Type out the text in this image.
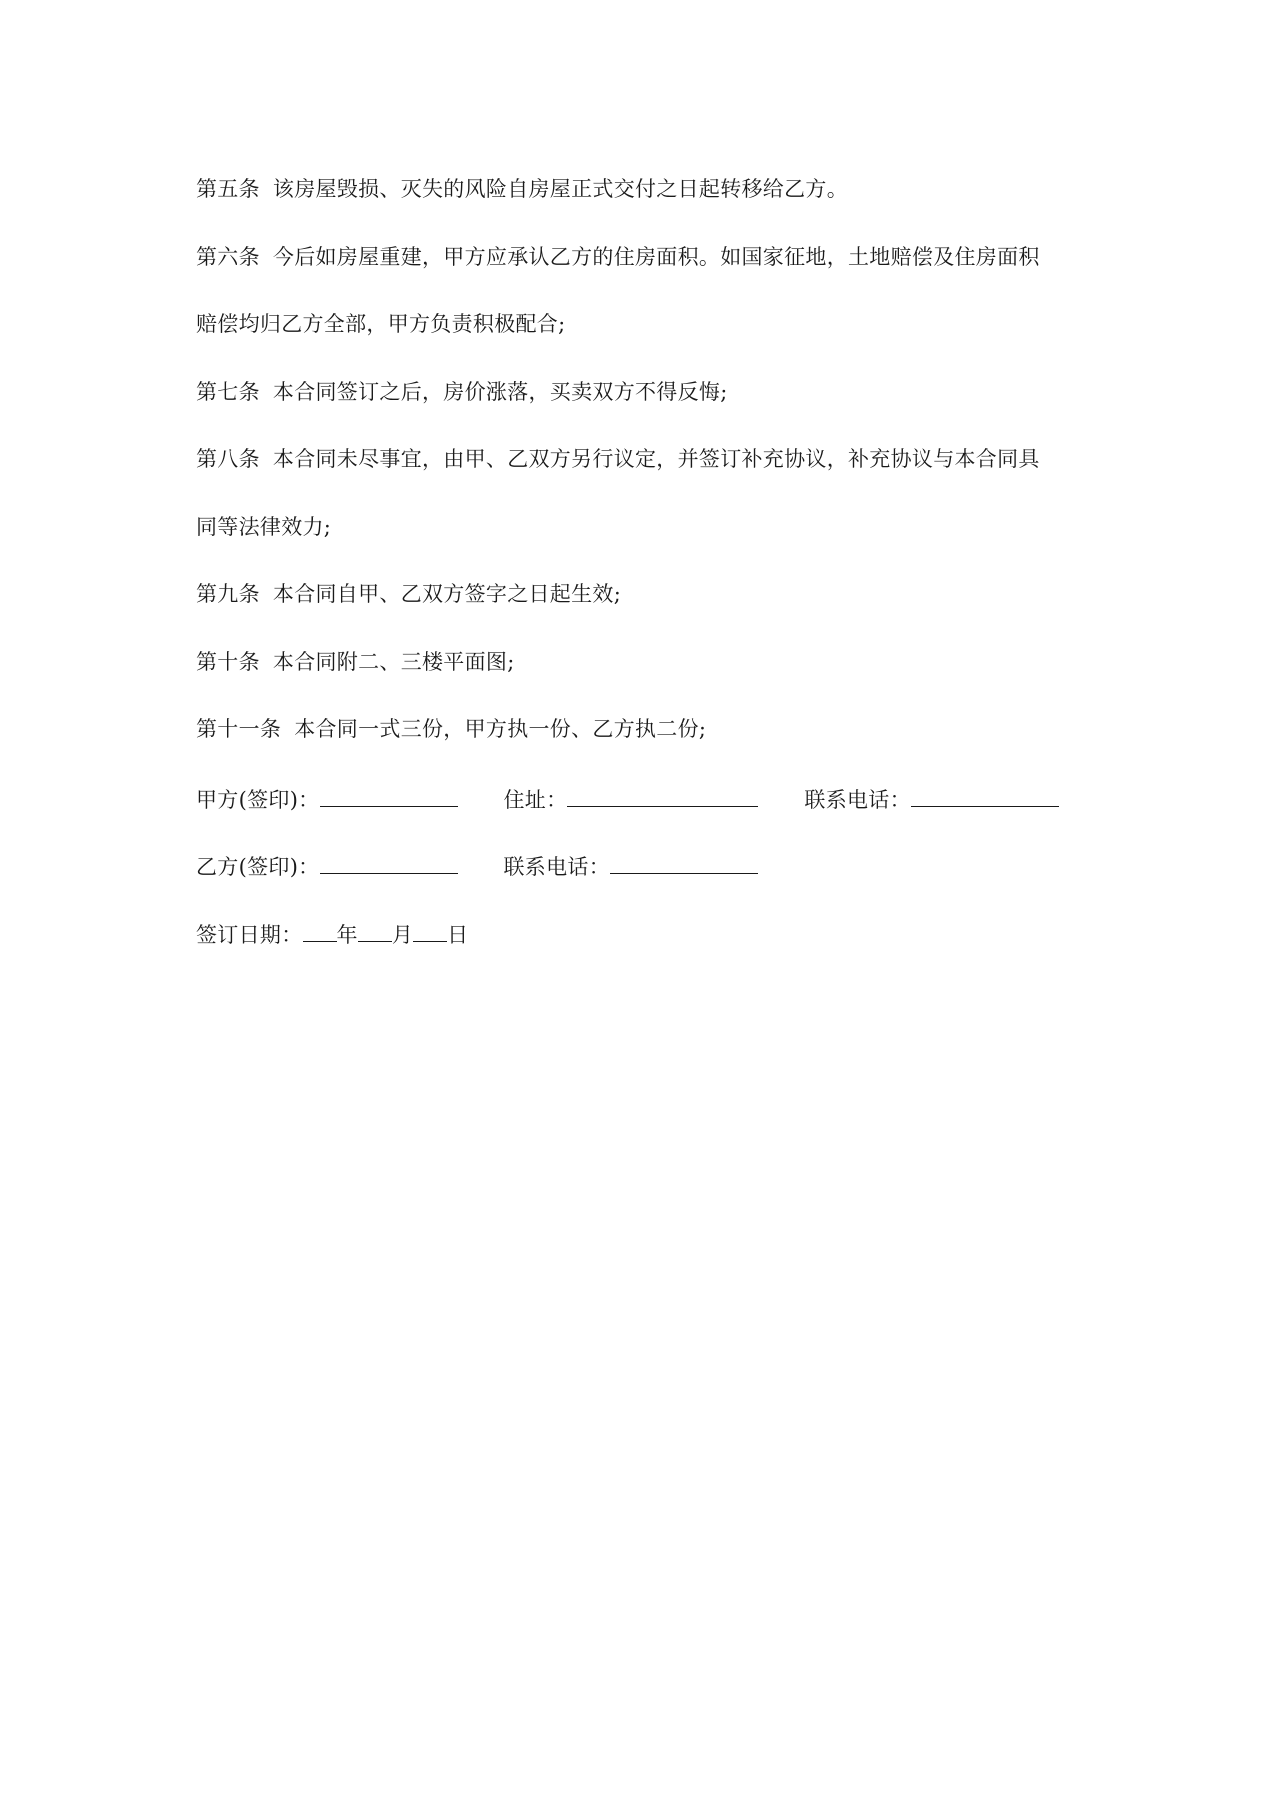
第五条 该房屋毁损、灭失的风险自房屋正式交付之日起转移给乙方。
第六条 今后如房屋重建，甲方应承认乙方的住房面积。如国家征地，土地赔偿及住房面积
赔偿均归乙方全部，甲方负责积极配合;
第七条 本合同签订之后，房价涨落，买卖双方不得反悔;
第八条 本合同未尽事宜，由甲、乙双方另行议定，并签订补充协议，补充协议与本合同具
同等法律效力;
第九条 本合同自甲、乙双方签字之日起生效;
第十条 本合同附二、三楼平面图;
第十一条 本合同一式三份，甲方执一份、乙方执二份;
甲方(签印)：	住址：	联系电话：
乙方(签印)：	联系电话：
签订日期： 年 月 日
